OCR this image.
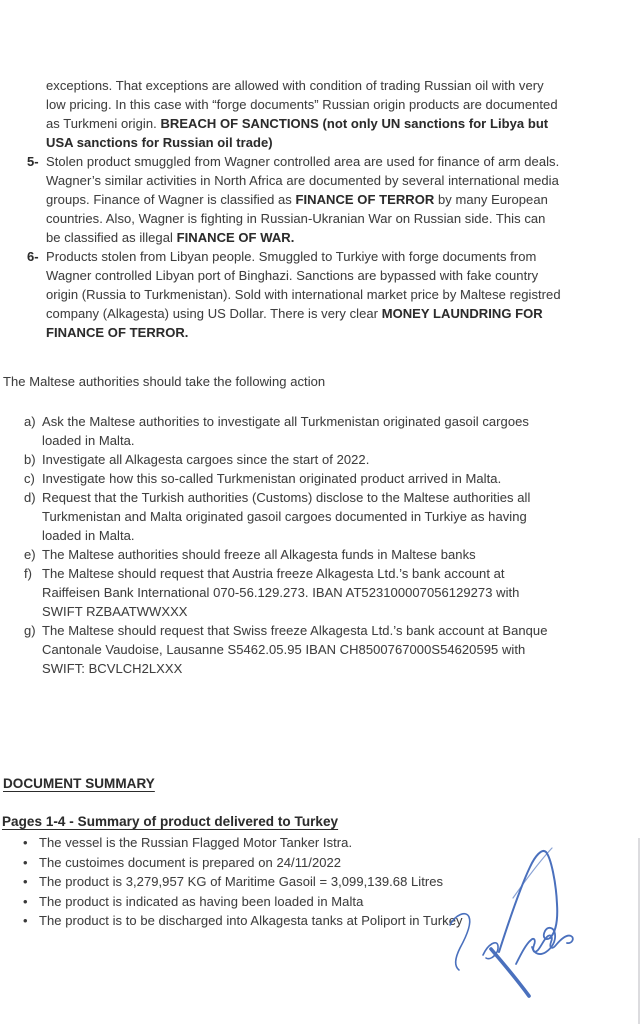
exceptions. That exceptions are allowed with condition of trading Russian oil with very low pricing. In this case with “forge documents” Russian origin products are documented as Turkmeni origin. BREACH OF SANCTIONS (not only UN sanctions for Libya but USA sanctions for Russian oil trade)

5- Stolen product smuggled from Wagner controlled area are used for finance of arm deals. Wagner’s similar activities in North Africa are documented by several international media groups. Finance of Wagner is classified as FINANCE OF TERROR by many European countries. Also, Wagner is fighting in Russian-Ukranian War on Russian side. This can be classified as illegal FINANCE OF WAR.
6- Products stolen from Libyan people. Smuggled to Turkiye with forge documents from Wagner controlled Libyan port of Binghazi. Sanctions are bypassed with fake country origin (Russia to Turkmenistan). Sold with international market price by Maltese registred company (Alkagesta) using US Dollar. There is very clear MONEY LAUNDRING FOR FINANCE OF TERROR.

The Maltese authorities should take the following action

a) Ask the Maltese authorities to investigate all Turkmenistan originated gasoil cargoes loaded in Malta.
b) Investigate all Alkagesta cargoes since the start of 2022.
c) Investigate how this so-called Turkmenistan originated product arrived in Malta.
d) Request that the Turkish authorities (Customs) disclose to the Maltese authorities all Turkmenistan and Malta originated gasoil cargoes documented in Turkiye as having loaded in Malta.
e) The Maltese authorities should freeze all Alkagesta funds in Maltese banks
f) The Maltese should request that Austria freeze Alkagesta Ltd.’s bank account at Raiffeisen Bank International 070-56.129.273. IBAN AT523100007056129273 with SWIFT RZBAATWWXXX
g) The Maltese should request that Swiss freeze Alkagesta Ltd.’s bank account at Banque Cantonale Vaudoise, Lausanne S5462.05.95 IBAN CH8500767000S54620595 with SWIFT: BCVLCH2LXXX
DOCUMENT SUMMARY
Pages 1-4 - Summary of product delivered to Turkey
• The vessel is the Russian Flagged Motor Tanker Istra.
• The custoimes document is prepared on 24/11/2022
• The product is 3,279,957 KG of Maritime Gasoil = 3,099,139.68 Litres
• The product is indicated as having been loaded in Malta
• The product is to be discharged into Alkagesta tanks at Poliport in Turkey
